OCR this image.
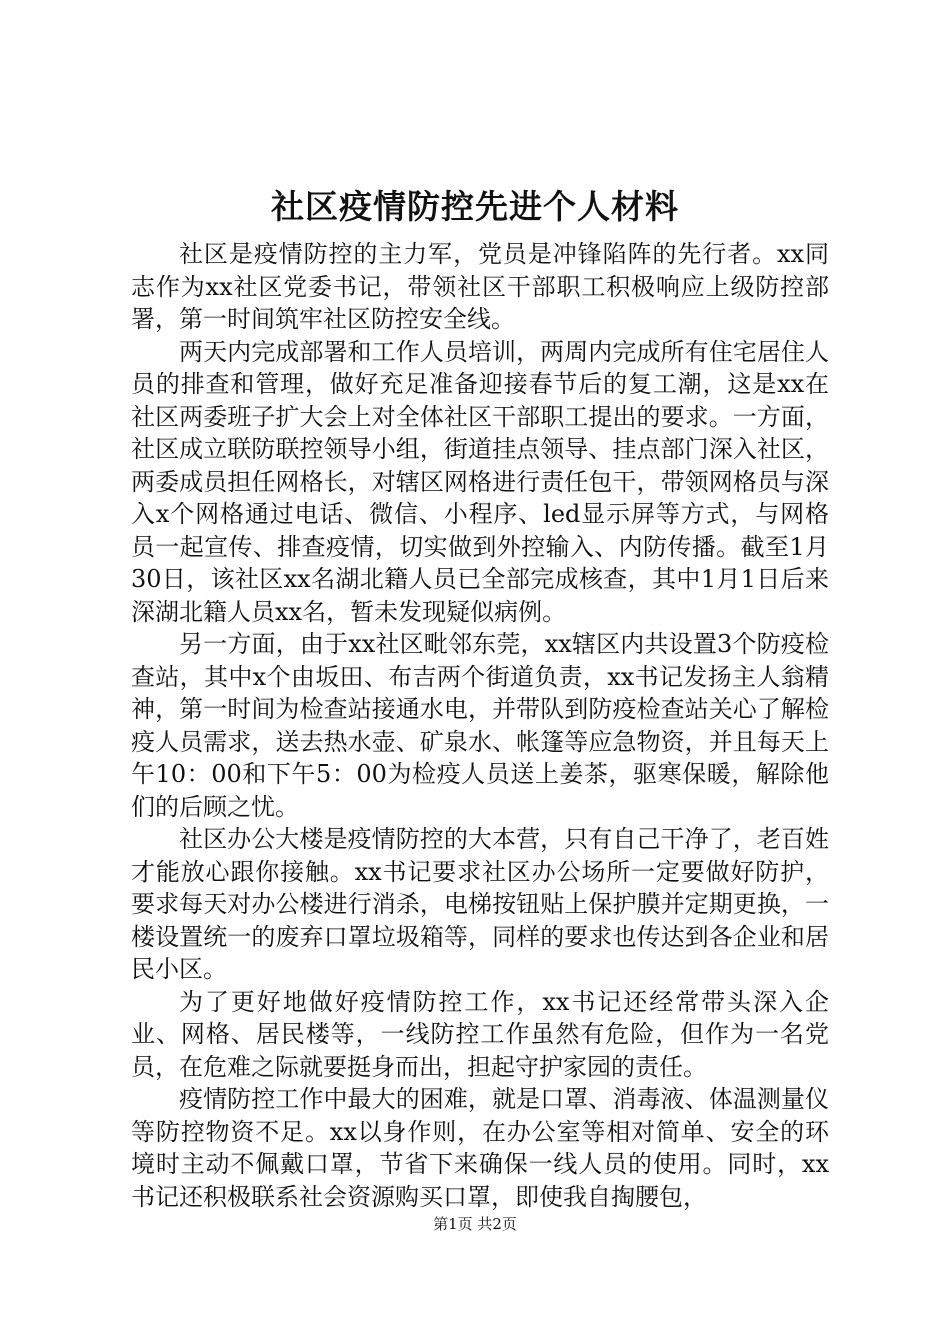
社区疫情防控先进个人材料

社区是疫情防控的主力军，党员是冲锋陷阵的先行者。xx同志作为xx社区党委书记，带领社区干部职工积极响应上级防控部署，第一时间筑牢社区防控安全线。

两天内完成部署和工作人员培训，两周内完成所有住宅居住人员的排查和管理，做好充足准备迎接春节后的复工潮，这是xx在社区两委班子扩大会上对全体社区干部职工提出的要求。一方面，社区成立联防联控领导小组，街道挂点领导、挂点部门深入社区，两委成员担任网格长，对辖区网格进行责任包干，带领网格员与深入x个网格通过电话、微信、小程序、led显示屏等方式，与网格员一起宣传、排查疫情，切实做到外控输入、内防传播。截至1月30日，该社区xx名湖北籍人员已全部完成核查，其中1月1日后来深湖北籍人员xx名，暂未发现疑似病例。

另一方面，由于xx社区毗邻东莞，xx辖区内共设置3个防疫检查站，其中x个由坂田、布吉两个街道负责，xx书记发扬主人翁精神，第一时间为检查站接通水电，并带队到防疫检查站关心了解检疫人员需求，送去热水壶、矿泉水、帐篷等应急物资，并且每天上午10：00和下午5：00为检疫人员送上姜茶，驱寒保暖，解除他们的后顾之忧。

社区办公大楼是疫情防控的大本营，只有自己干净了，老百姓才能放心跟你接触。xx书记要求社区办公场所一定要做好防护，要求每天对办公楼进行消杀，电梯按钮贴上保护膜并定期更换，一楼设置统一的废弃口罩垃圾箱等，同样的要求也传达到各企业和居民小区。

为了更好地做好疫情防控工作，xx书记还经常带头深入企业、网格、居民楼等，一线防控工作虽然有危险，但作为一名党员，在危难之际就要挺身而出，担起守护家园的责任。

疫情防控工作中最大的困难，就是口罩、消毒液、体温测量仪等防控物资不足。xx以身作则，在办公室等相对简单、安全的环境时主动不佩戴口罩，节省下来确保一线人员的使用。同时，xx书记还积极联系社会资源购买口罩，即使我自掏腰包，

第1页 共2页
